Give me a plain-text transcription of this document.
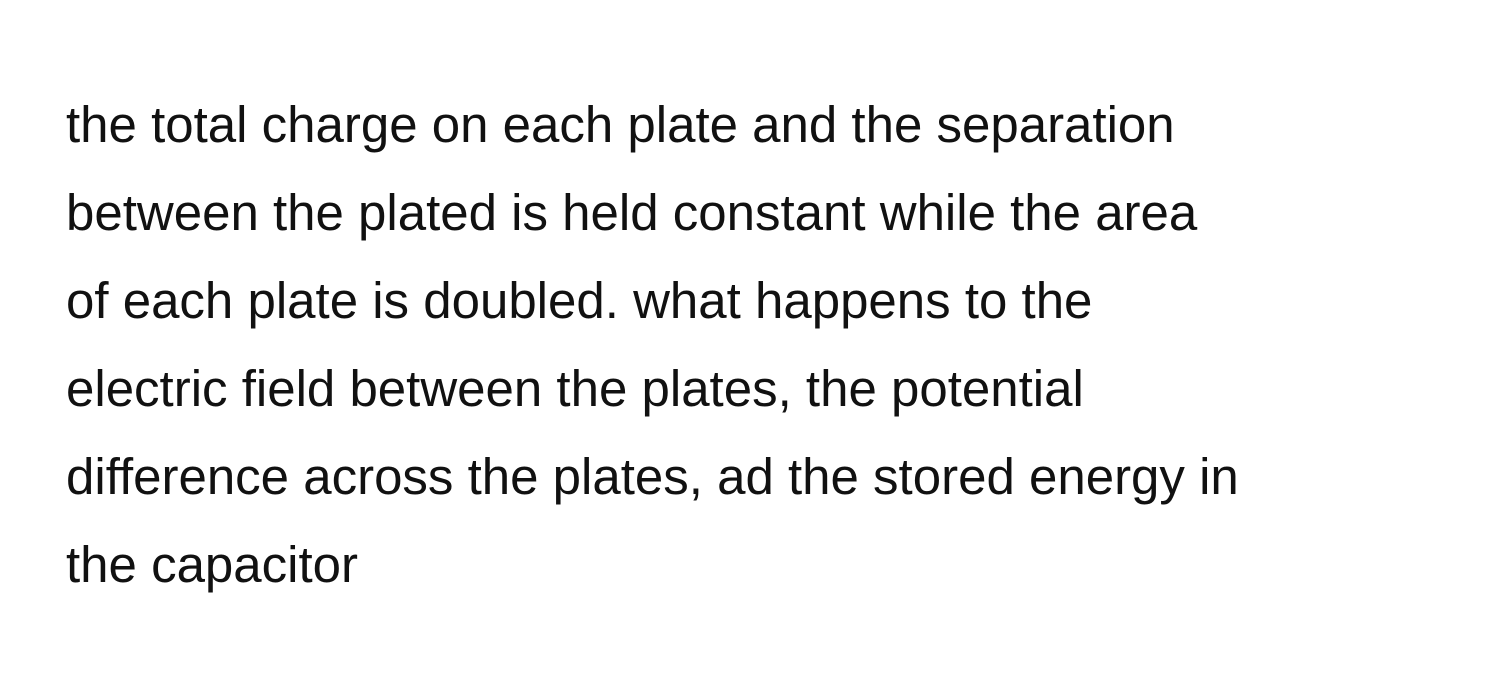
the total charge on each plate and the separation
between the plated is held constant while the area
of each plate is doubled. what happens to the
electric field between the plates, the potential
difference across the plates, ad the stored energy in
the capacitor
